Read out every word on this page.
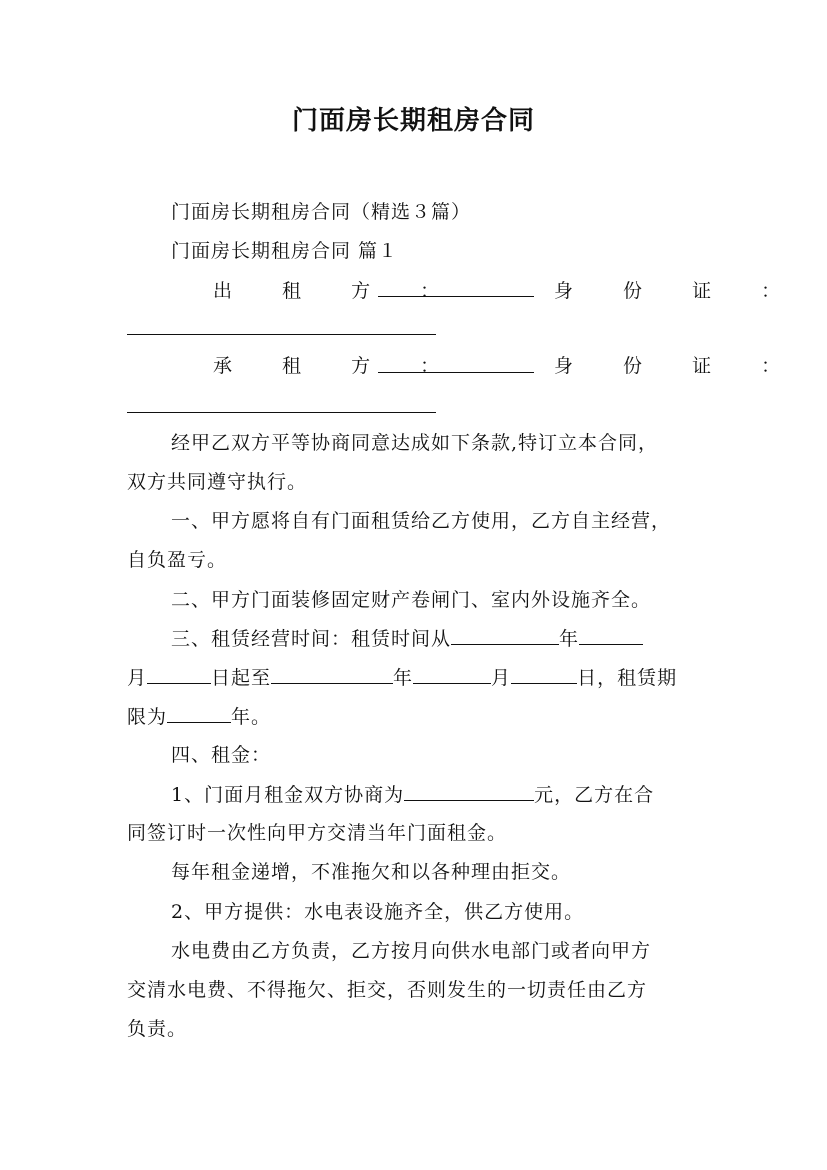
门面房长期租房合同
门面房长期租房合同（精选３篇）
门面房长期租房合同 篇１
出 租 方 ：	身 份 证 ：
承 租 方 ：	身 份 证 ：
经甲乙双方平等协商同意达成如下条款,特订立本合同，
双方共同遵守执行。
一、甲方愿将自有门面租赁给乙方使用，乙方自主经营，
自负盈亏。
二、甲方门面装修固定财产卷闸门、室内外设施齐全。
三、租赁经营时间：租赁时间从	年
月	日起至	年	月	日，租赁期
限为	年。
四、租金：
1、门面月租金双方协商为	元，乙方在合
同签订时一次性向甲方交清当年门面租金。
每年租金递增，不准拖欠和以各种理由拒交。
2、甲方提供：水电表设施齐全，供乙方使用。
水电费由乙方负责，乙方按月向供水电部门或者向甲方
交清水电费、不得拖欠、拒交，否则发生的一切责任由乙方
负责。
